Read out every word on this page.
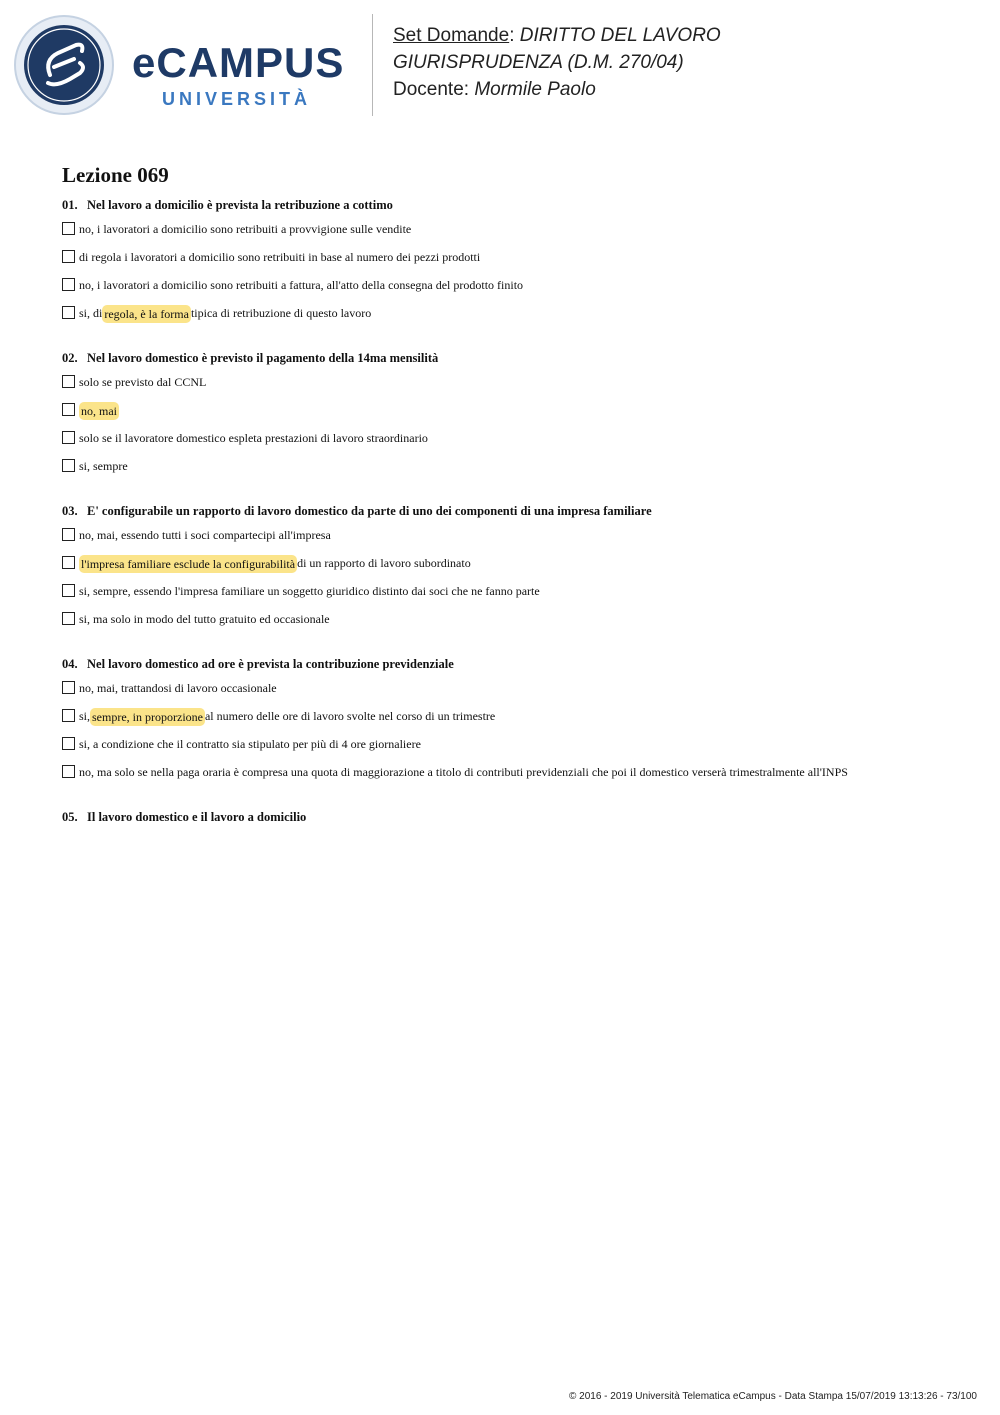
eCAMPUS
UNIVERSITÀ
Set Domande: DIRITTO DEL LAVORO
GIURISPRUDENZA (D.M. 270/04)
Docente: Mormile Paolo
Lezione 069
01. Nel lavoro a domicilio è prevista la retribuzione a cottimo
no, i lavoratori a domicilio sono retribuiti a provvigione sulle vendite
di regola i lavoratori a domicilio sono retribuiti in base al numero dei pezzi prodotti
no, i lavoratori a domicilio sono retribuiti a fattura, all'atto della consegna del prodotto finito
si, di regola, è la forma tipica di retribuzione di questo lavoro
02. Nel lavoro domestico è previsto il pagamento della 14ma mensilità
solo se previsto dal CCNL
no, mai
solo se il lavoratore domestico espleta prestazioni di lavoro straordinario
si, sempre
03. E' configurabile un rapporto di lavoro domestico da parte di uno dei componenti di una impresa familiare
no, mai, essendo tutti i soci compartecipi all'impresa
l'impresa familiare esclude la configurabilità di un rapporto di lavoro subordinato
si, sempre, essendo l'impresa familiare un soggetto giuridico distinto dai soci che ne fanno parte
si, ma solo in modo del tutto gratuito ed occasionale
04. Nel lavoro domestico ad ore è prevista la contribuzione previdenziale
no, mai, trattandosi di lavoro occasionale
si, sempre, in proporzione al numero delle ore di lavoro svolte nel corso di un trimestre
si, a condizione che il contratto sia stipulato per più di 4 ore giornaliere
no, ma solo se nella paga oraria è compresa una quota di maggiorazione a titolo di contributi previdenziali che poi il domestico verserà trimestralmente all'INPS
05. Il lavoro domestico e il lavoro a domicilio
© 2016 - 2019 Università Telematica eCampus - Data Stampa 15/07/2019 13:13:26 - 73/100
